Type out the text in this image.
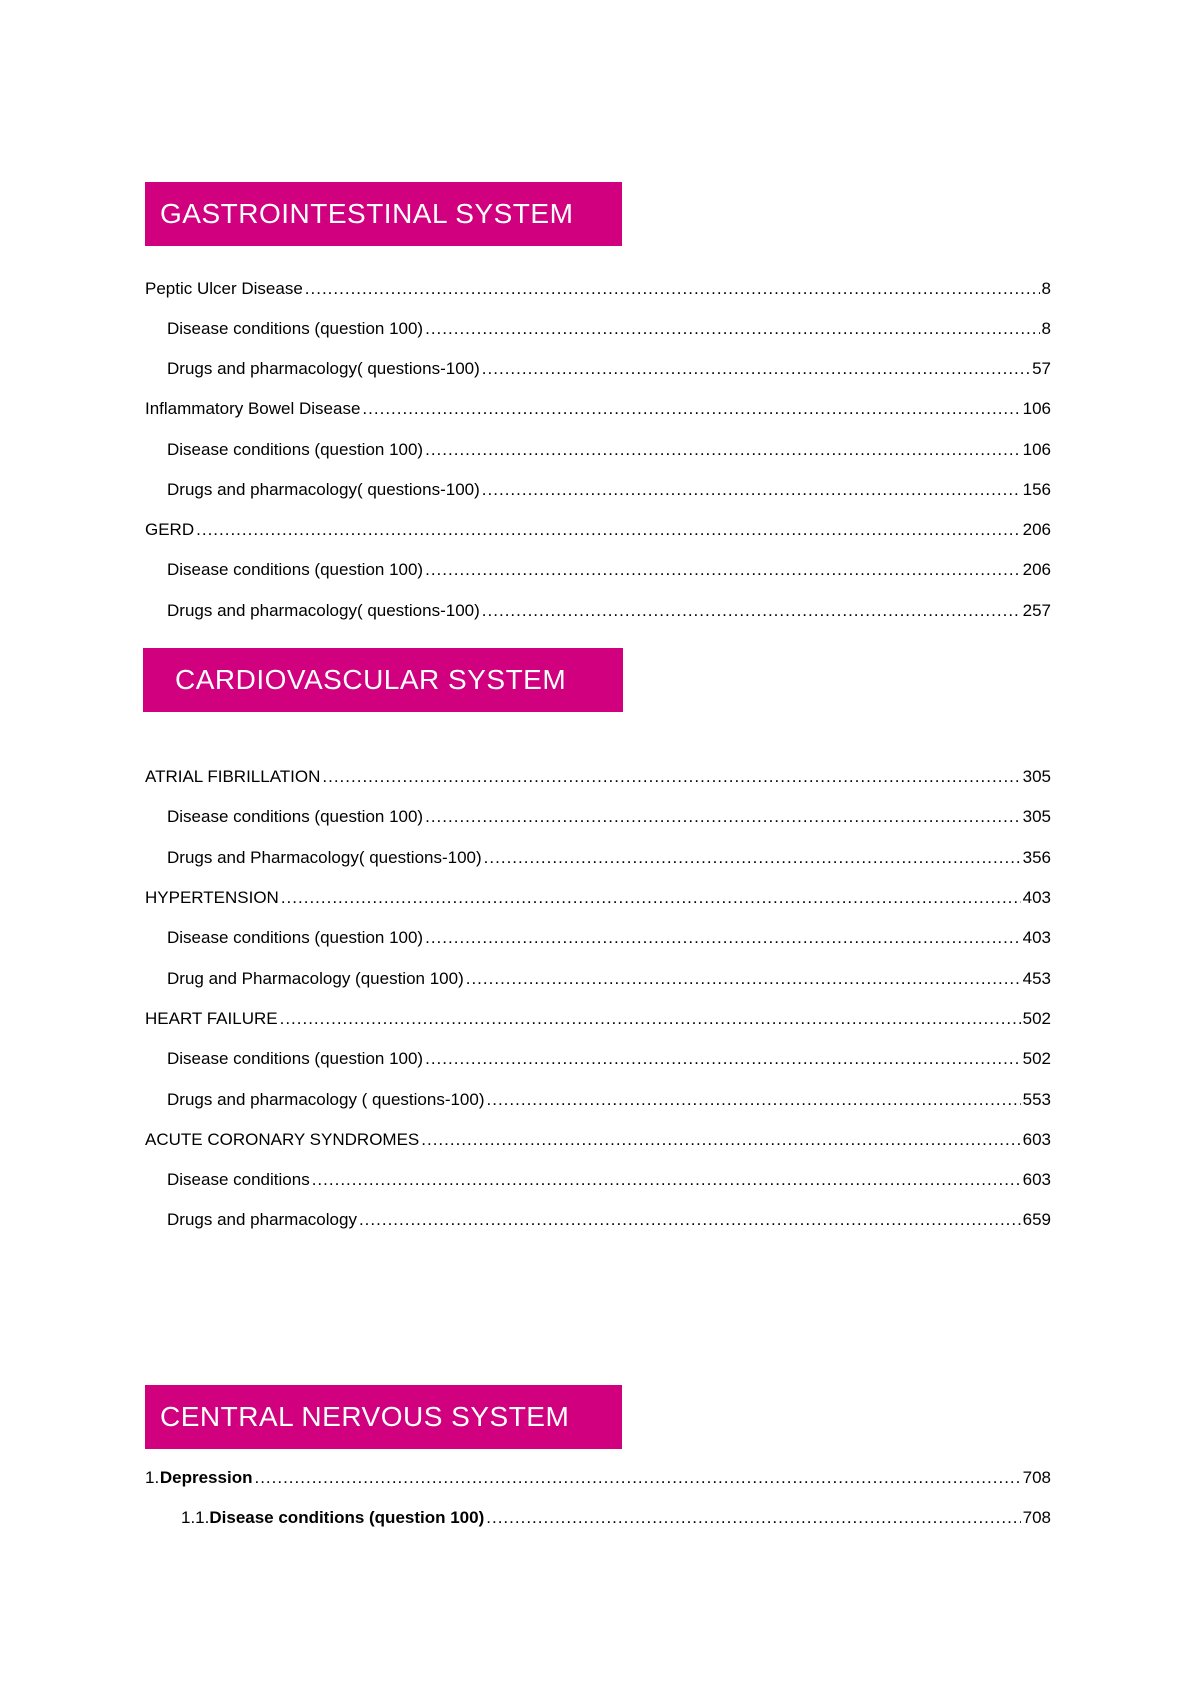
GASTROINTESTINAL SYSTEM
Peptic Ulcer Disease .....	8
Disease conditions (question 100) .....	8
Drugs and pharmacology( questions-100) .....	57
Inflammatory Bowel Disease .....	106
Disease conditions (question 100) .....	106
Drugs and pharmacology( questions-100) .....	156
GERD .....	206
Disease conditions (question 100) .....	206
Drugs and pharmacology( questions-100) .....	257
CARDIOVASCULAR SYSTEM
ATRIAL FIBRILLATION .....	305
Disease conditions (question 100) .....	305
Drugs and Pharmacology( questions-100) .....	356
HYPERTENSION .....	403
Disease conditions (question 100) .....	403
Drug and Pharmacology (question 100) .....	453
HEART FAILURE .....	502
Disease conditions (question 100) .....	502
Drugs and pharmacology ( questions-100) .....	553
ACUTE CORONARY SYNDROMES .....	603
Disease conditions .....	603
Drugs and pharmacology .....	659
CENTRAL NERVOUS SYSTEM
1. Depression .....	708
1.1. Disease conditions (question 100) .....	708
